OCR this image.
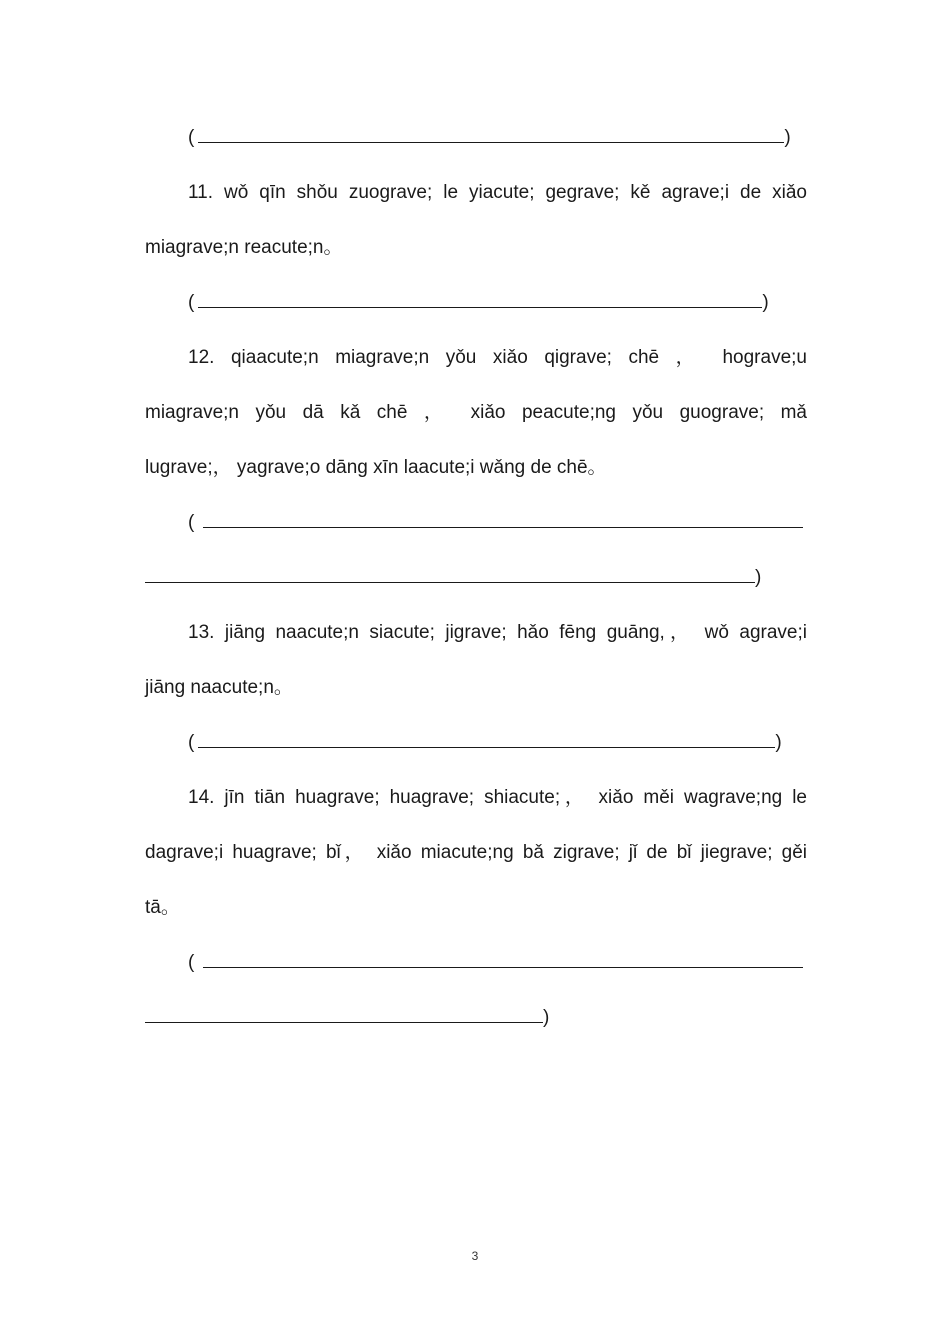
(	)
11. wǒ qīn shǒu zuograve; le yiacute; gegrave; kě agrave;i de xiǎo
miagrave;n reacute;n。
(	)
12. qiaacute;n miagrave;n yǒu xiǎo qigrave; chē ， hograve;u
miagrave;n yǒu dā kǎ chē ， xiǎo peacute;ng yǒu guograve; mǎ
lugrave;， yagrave;o dāng xīn laacute;i wǎng de chē。
(
)
13. jiāng naacute;n siacute; jigrave; hǎo fēng guāng,， wǒ agrave;i
jiāng naacute;n。
(	)
14. jīn tiān huagrave; huagrave; shiacute;， xiǎo měi wagrave;ng le
dagrave;i huagrave; bǐ， xiǎo miacute;ng bǎ zigrave; jǐ de bǐ jiegrave; gěi
tā。
(
)
3
